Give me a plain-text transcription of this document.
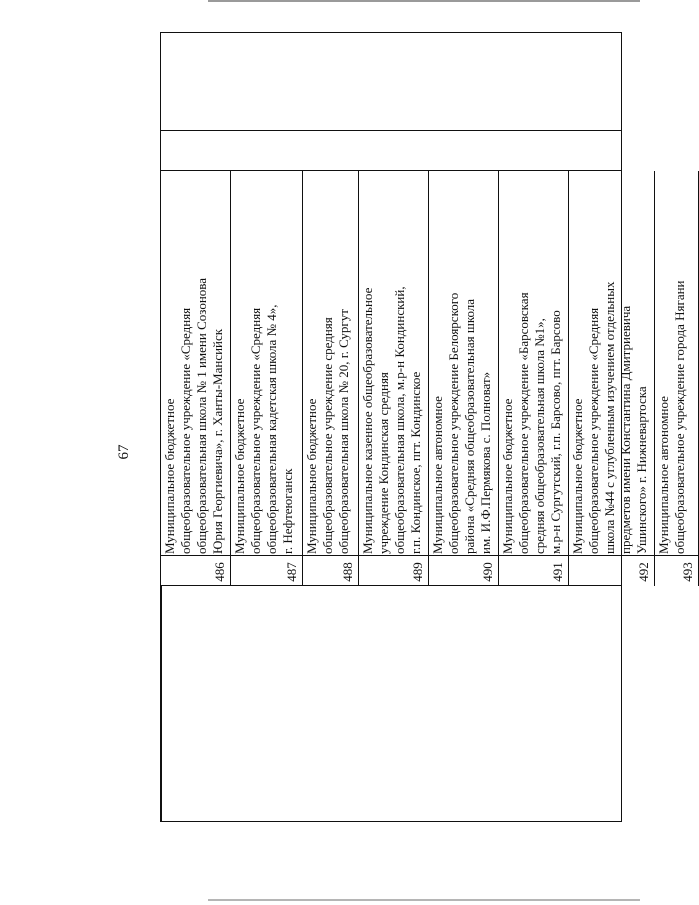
67
486
Муниципальное бюджетное общеобразовательное учреждение «Средняя общеобразовательная школа № 1 имени Созонова Юрия Георгиевича», г. Ханты-Мансийск
487
Муниципальное бюджетное общеобразовательное учреждение «Средняя общеобразовательная кадетская школа № 4», г. Нефтеюганск
488
Муниципальное бюджетное общеобразовательное учреждение средняя общеобразовательная школа № 20, г. Сургут
489
Муниципальное казенное общеобразовательное учреждение Кондинская средняя общеобразовательная школа, м.р-н Кондинский, г.п. Кондинское, пгт. Кондинское
490
Муниципальное автономное общеобразовательное учреждение Белоярского района «Средняя общеобразовательная школа им. И.Ф.Пермякова с. Полноват»
491
Муниципальное бюджетное общеобразовательное учреждение «Барсовская средняя общеобразовательная школа №1», м.р-н Сургутский, г.п. Барсово, пгт. Барсово
492
Муниципальное бюджетное общеобразовательное учреждение «Средняя школа №44 с углубленным изучением отдельных предметов имени Константина Дмитриевича Ушинского» г. Нижневартоска
493
Муниципальное автономное общеобразовательное учреждение города Нягани
